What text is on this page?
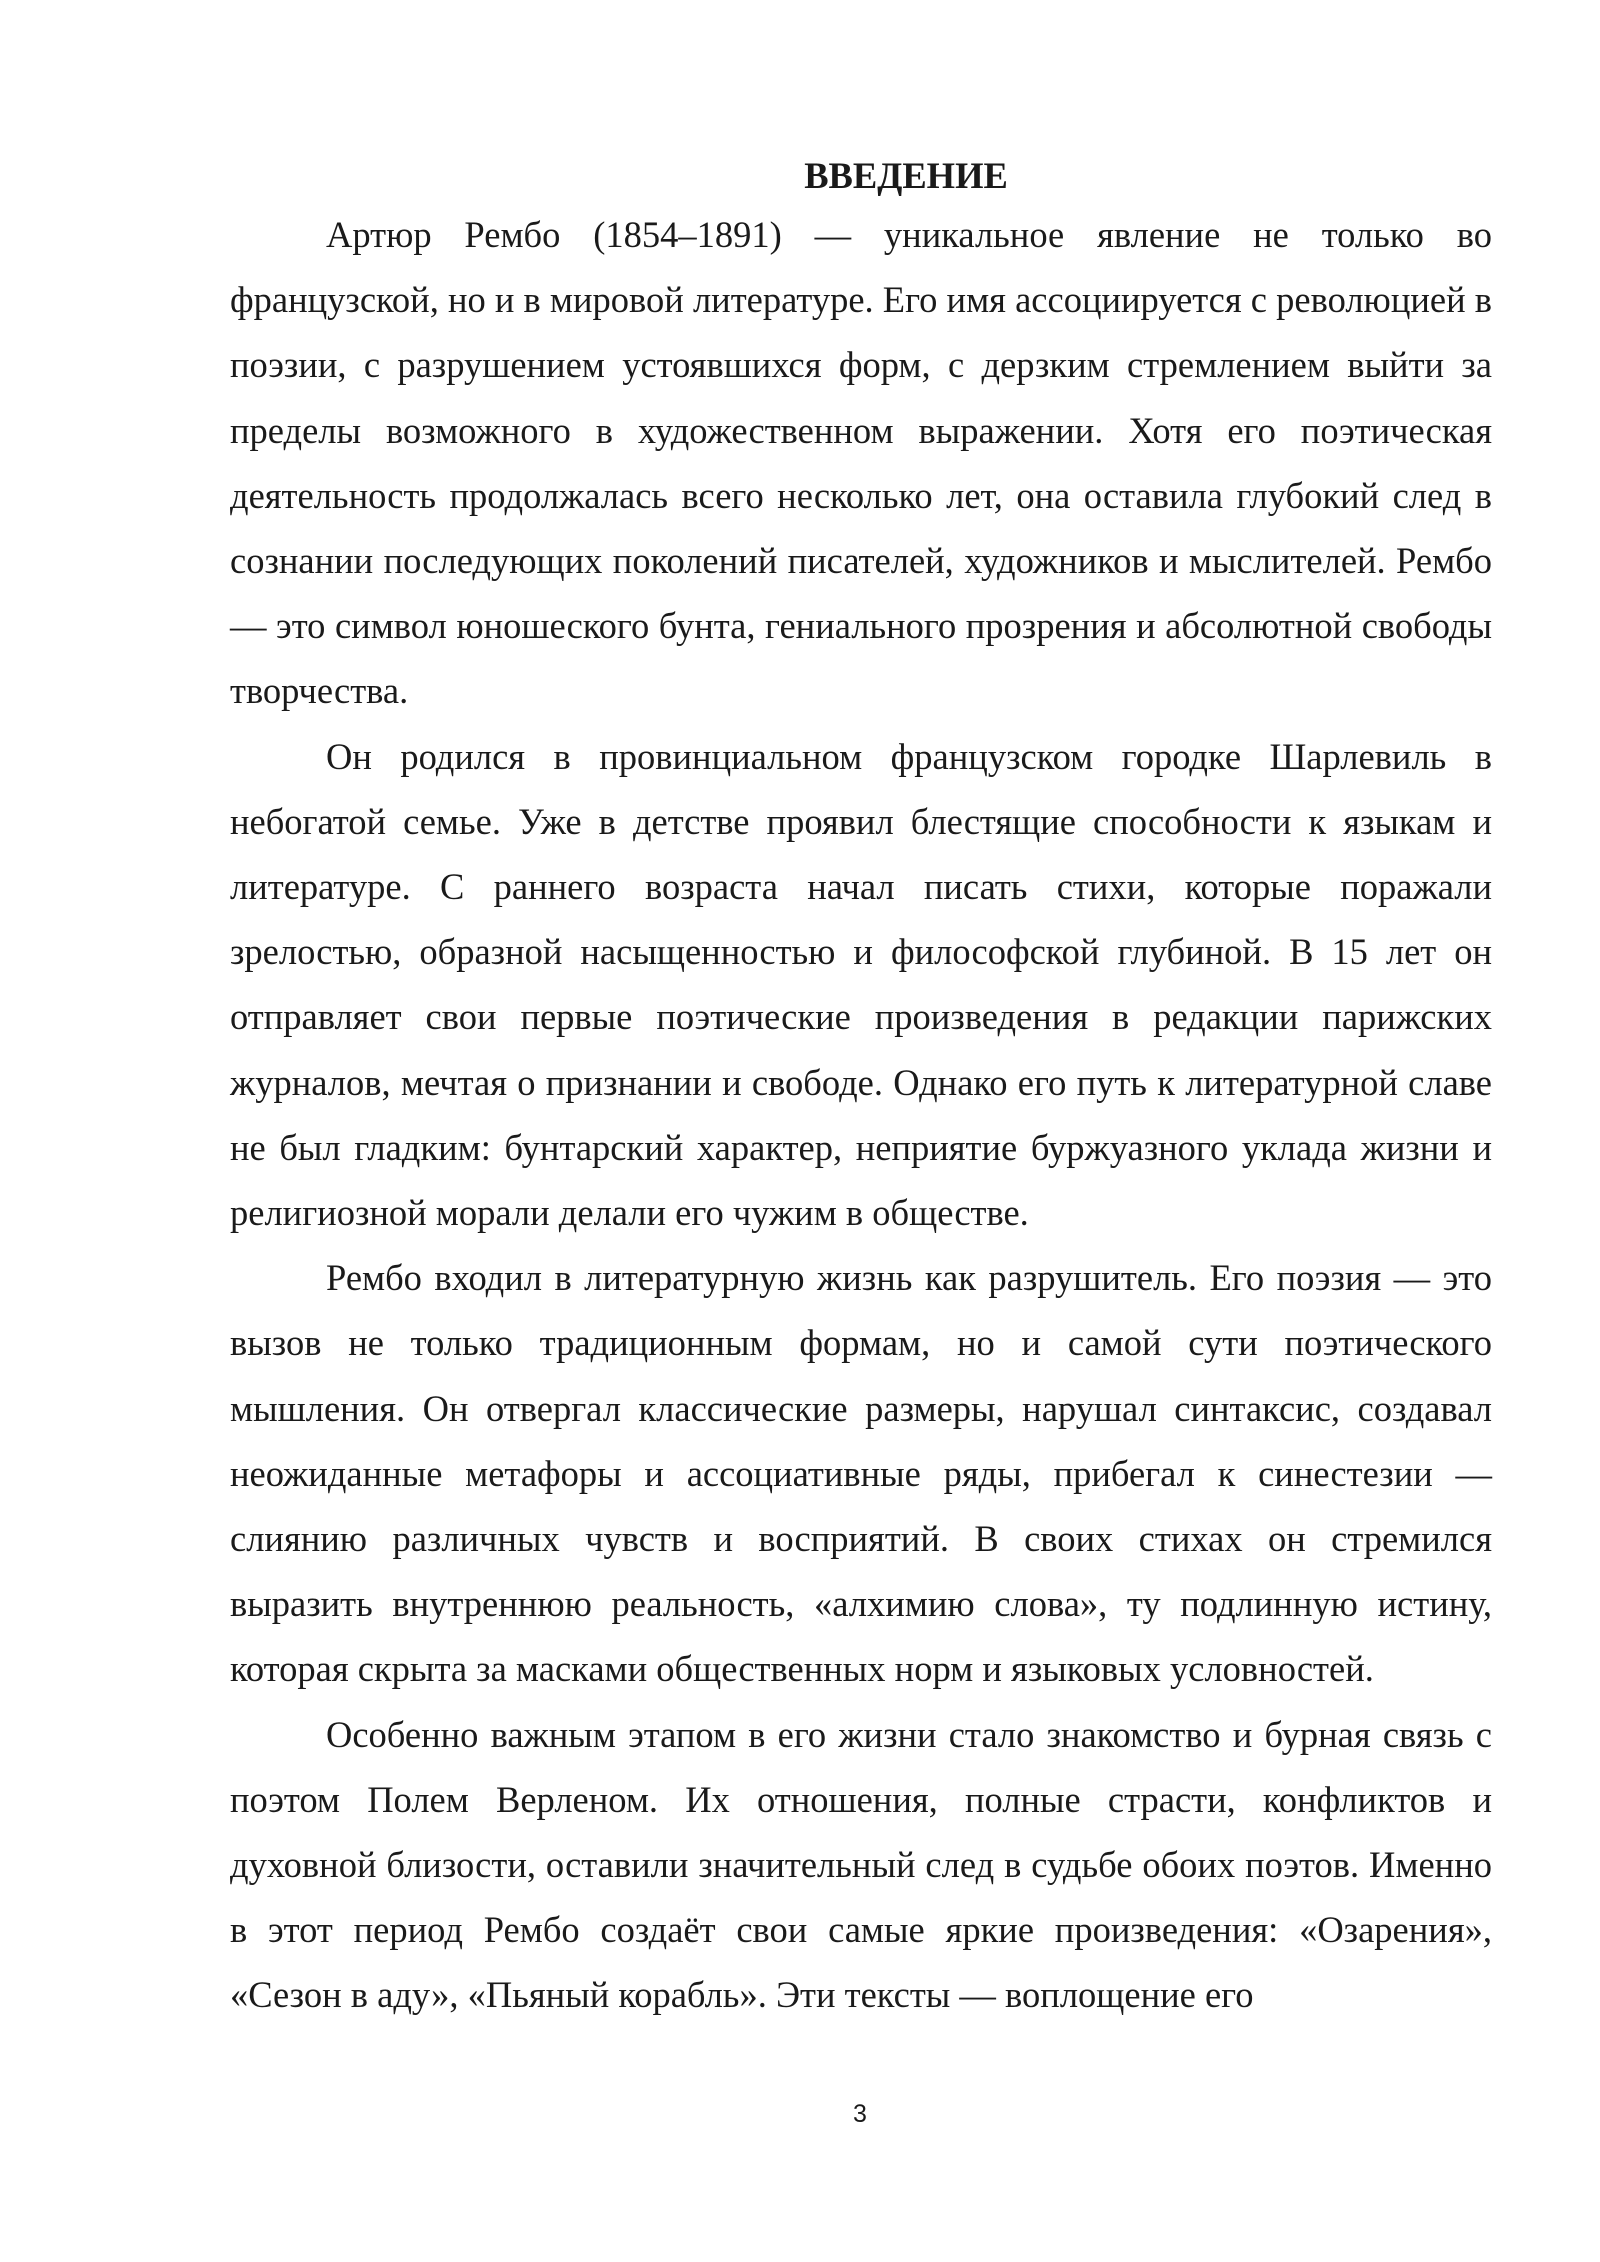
ВВЕДЕНИЕ

Артюр Рембо (1854–1891) — уникальное явление не только во французской, но и в мировой литературе. Его имя ассоциируется с революцией в поэзии, с разрушением устоявшихся форм, с дерзким стремлением выйти за пределы возможного в художественном выражении. Хотя его поэтическая деятельность продолжалась всего несколько лет, она оставила глубокий след в сознании последующих поколений писателей, художников и мыслителей. Рембо — это символ юношеского бунта, гениального прозрения и абсолютной свободы творчества.

Он родился в провинциальном французском городке Шарлевиль в небогатой семье. Уже в детстве проявил блестящие способности к языкам и литературе. С раннего возраста начал писать стихи, которые поражали зрелостью, образной насыщенностью и философской глубиной. В 15 лет он отправляет свои первые поэтические произведения в редакции парижских журналов, мечтая о признании и свободе. Однако его путь к литературной славе не был гладким: бунтарский характер, неприятие буржуазного уклада жизни и религиозной морали делали его чужим в обществе.

Рембо входил в литературную жизнь как разрушитель. Его поэзия — это вызов не только традиционным формам, но и самой сути поэтического мышления. Он отвергал классические размеры, нарушал синтаксис, создавал неожиданные метафоры и ассоциативные ряды, прибегал к синестезии — слиянию различных чувств и восприятий. В своих стихах он стремился выразить внутреннюю реальность, «алхимию слова», ту подлинную истину, которая скрыта за масками общественных норм и языковых условностей.

Особенно важным этапом в его жизни стало знакомство и бурная связь с поэтом Полем Верленом. Их отношения, полные страсти, конфликтов и духовной близости, оставили значительный след в судьбе обоих поэтов. Именно в этот период Рембо создаёт свои самые яркие произведения: «Озарения», «Сезон в аду», «Пьяный корабль». Эти тексты — воплощение его

3
